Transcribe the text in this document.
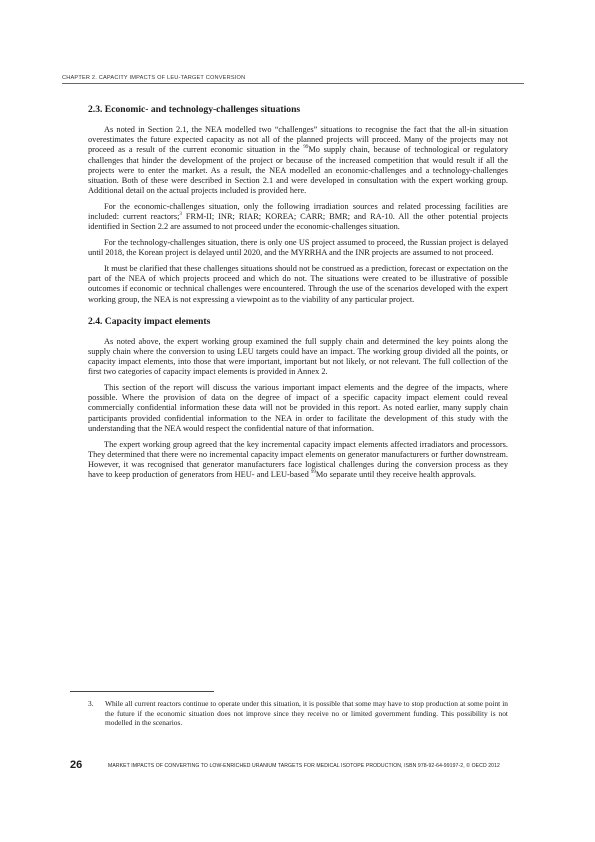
CHAPTER 2. CAPACITY IMPACTS OF LEU-TARGET CONVERSION
2.3. Economic- and technology-challenges situations

As noted in Section 2.1, the NEA modelled two “challenges” situations to recognise the fact that the all-in situation overestimates the future expected capacity as not all of the planned projects will proceed. Many of the projects may not proceed as a result of the current economic situation in the $^{99}$Mo supply chain, because of technological or regulatory challenges that hinder the development of the project or because of the increased competition that would result if all the projects were to enter the market. As a result, the NEA modelled an economic-challenges and a technology-challenges situation. Both of these were described in Section 2.1 and were developed in consultation with the expert working group. Additional detail on the actual projects included is provided here.

For the economic-challenges situation, only the following irradiation sources and related processing facilities are included: current reactors;$^3$ FRM-II; INR; RIAR; KOREA; CARR; BMR; and RA-10. All the other potential projects identified in Section 2.2 are assumed to not proceed under the economic-challenges situation.

For the technology-challenges situation, there is only one US project assumed to proceed, the Russian project is delayed until 2018, the Korean project is delayed until 2020, and the MYRRHA and the INR projects are assumed to not proceed.

It must be clarified that these challenges situations should not be construed as a prediction, forecast or expectation on the part of the NEA of which projects proceed and which do not. The situations were created to be illustrative of possible outcomes if economic or technical challenges were encountered. Through the use of the scenarios developed with the expert working group, the NEA is not expressing a viewpoint as to the viability of any particular project.

2.4. Capacity impact elements

As noted above, the expert working group examined the full supply chain and determined the key points along the supply chain where the conversion to using LEU targets could have an impact. The working group divided all the points, or capacity impact elements, into those that were important, important but not likely, or not relevant. The full collection of the first two categories of capacity impact elements is provided in Annex 2.

This section of the report will discuss the various important impact elements and the degree of the impacts, where possible. Where the provision of data on the degree of impact of a specific capacity impact element could reveal commercially confidential information these data will not be provided in this report. As noted earlier, many supply chain participants provided confidential information to the NEA in order to facilitate the development of this study with the understanding that the NEA would respect the confidential nature of that information.

The expert working group agreed that the key incremental capacity impact elements affected irradiators and processors. They determined that there were no incremental capacity impact elements on generator manufacturers or further downstream. However, it was recognised that generator manufacturers face logistical challenges during the conversion process as they have to keep production of generators from HEU- and LEU-based $^{99}$Mo separate until they receive health approvals.

3. While all current reactors continue to operate under this situation, it is possible that some may have to stop production at some point in the future if the economic situation does not improve since they receive no or limited government funding. This possibility is not modelled in the scenarios.
26	MARKET IMPACTS OF CONVERTING TO LOW-ENRICHED URANIUM TARGETS FOR MEDICAL ISOTOPE PRODUCTION, ISBN 978-92-64-99197-2, © OECD 2012
